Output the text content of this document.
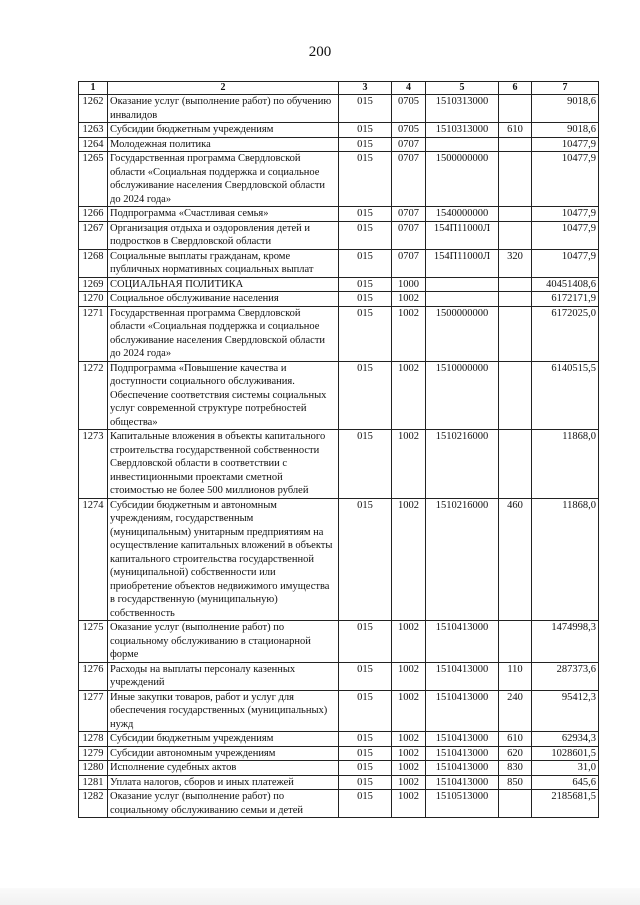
200
1	2	3	4	5	6	7
1262	Оказание услуг (выполнение работ) по обучению инвалидов	015	0705	1510313000		9018,6
1263	Субсидии бюджетным учреждениям	015	0705	1510313000	610	9018,6
1264	Молодежная политика	015	0707			10477,9
1265	Государственная программа Свердловской области «Социальная поддержка и социальное обслуживание населения Свердловской области до 2024 года»	015	0707	1500000000		10477,9
1266	Подпрограмма «Счастливая семья»	015	0707	1540000000		10477,9
1267	Организация отдыха и оздоровления детей и подростков в Свердловской области	015	0707	154П11000Л		10477,9
1268	Социальные выплаты гражданам, кроме публичных нормативных социальных выплат	015	0707	154П11000Л	320	10477,9
1269	СОЦИАЛЬНАЯ ПОЛИТИКА	015	1000			40451408,6
1270	Социальное обслуживание населения	015	1002			6172171,9
1271	Государственная программа Свердловской области «Социальная поддержка и социальное обслуживание населения Свердловской области до 2024 года»	015	1002	1500000000		6172025,0
1272	Подпрограмма «Повышение качества и доступности социального обслуживания. Обеспечение соответствия системы социальных услуг современной структуре потребностей общества»	015	1002	1510000000		6140515,5
1273	Капитальные вложения в объекты капитального строительства государственной собственности Свердловской области в соответствии с инвестиционными проектами сметной стоимостью не более 500 миллионов рублей	015	1002	1510216000		11868,0
1274	Субсидии бюджетным и автономным учреждениям, государственным (муниципальным) унитарным предприятиям на осуществление капитальных вложений в объекты капитального строительства государственной (муниципальной) собственности или приобретение объектов недвижимого имущества в государственную (муниципальную) собственность	015	1002	1510216000	460	11868,0
1275	Оказание услуг (выполнение работ) по социальному обслуживанию в стационарной форме	015	1002	1510413000		1474998,3
1276	Расходы на выплаты персоналу казенных учреждений	015	1002	1510413000	110	287373,6
1277	Иные закупки товаров, работ и услуг для обеспечения государственных (муниципальных) нужд	015	1002	1510413000	240	95412,3
1278	Субсидии бюджетным учреждениям	015	1002	1510413000	610	62934,3
1279	Субсидии автономным учреждениям	015	1002	1510413000	620	1028601,5
1280	Исполнение судебных актов	015	1002	1510413000	830	31,0
1281	Уплата налогов, сборов и иных платежей	015	1002	1510413000	850	645,6
1282	Оказание услуг (выполнение работ) по социальному обслуживанию семьи и детей	015	1002	1510513000		2185681,5
